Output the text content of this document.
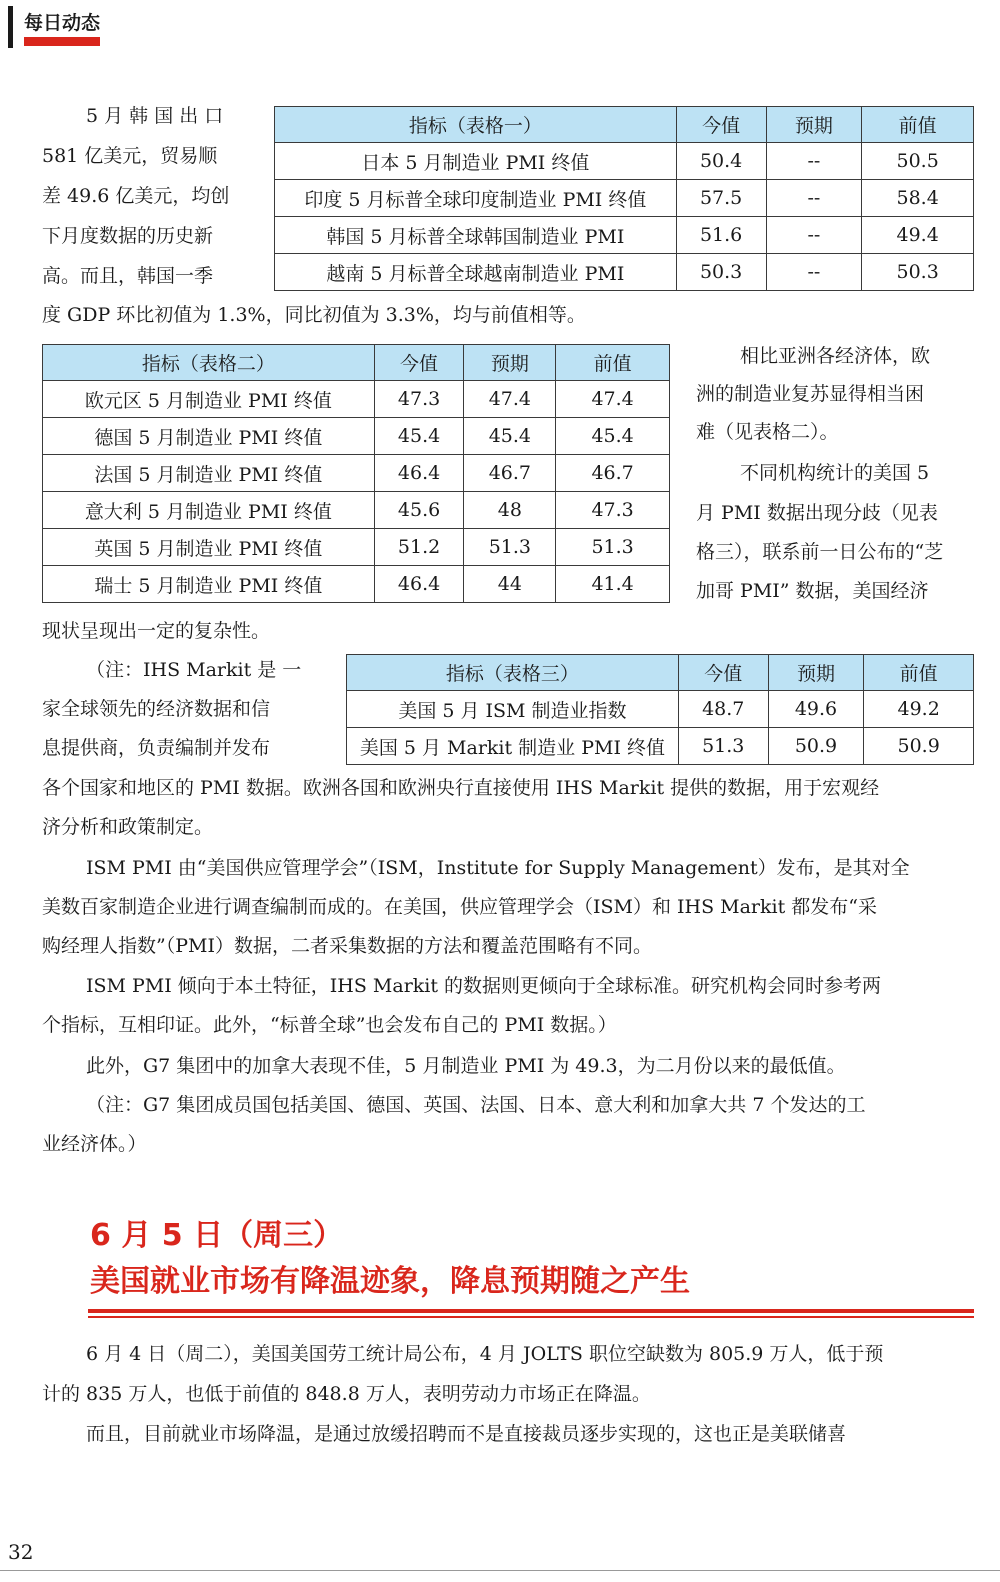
每日动态
5 月 韩 国 出 口
581 亿美元，贸易顺
差 49.6 亿美元，均创
下月度数据的历史新
高。而且，韩国一季
度 GDP 环比初值为 1.3%，同比初值为 3.3%，均与前值相等。
指标（表格一）	今值	预期	前值
日本 5 月制造业 PMI 终值	50.4	--	50.5
印度 5 月标普全球印度制造业 PMI 终值	57.5	--	58.4
韩国 5 月标普全球韩国制造业 PMI	51.6	--	49.4
越南 5 月标普全球越南制造业 PMI	50.3	--	50.3
指标（表格二）	今值	预期	前值
欧元区 5 月制造业 PMI 终值	47.3	47.4	47.4
德国 5 月制造业 PMI 终值	45.4	45.4	45.4
法国 5 月制造业 PMI 终值	46.4	46.7	46.7
意大利 5 月制造业 PMI 终值	45.6	48	47.3
英国 5 月制造业 PMI 终值	51.2	51.3	51.3
瑞士 5 月制造业 PMI 终值	46.4	44	41.4
相比亚洲各经济体，欧
洲的制造业复苏显得相当困
难（见表格二）。
不同机构统计的美国 5
月 PMI 数据出现分歧（见表
格三），联系前一日公布的“芝
加哥 PMI” 数据，美国经济
现状呈现出一定的复杂性。
指标（表格三）	今值	预期	前值
美国 5 月 ISM 制造业指数	48.7	49.6	49.2
美国 5 月 Markit 制造业 PMI 终值	51.3	50.9	50.9
（注：IHS Markit 是 一
家全球领先的经济数据和信
息提供商，负责编制并发布
各个国家和地区的 PMI 数据。欧洲各国和欧洲央行直接使用 IHS Markit 提供的数据，用于宏观经
济分析和政策制定。
ISM PMI 由“美国供应管理学会”（ISM，Institute for Supply Management）发布，是其对全
美数百家制造企业进行调查编制而成的。在美国，供应管理学会（ISM）和 IHS Markit 都发布“采
购经理人指数”（PMI）数据，二者采集数据的方法和覆盖范围略有不同。
ISM PMI 倾向于本土特征，IHS Markit 的数据则更倾向于全球标准。研究机构会同时参考两
个指标，互相印证。此外，“标普全球”也会发布自己的 PMI 数据。）
此外，G7 集团中的加拿大表现不佳，5 月制造业 PMI 为 49.3，为二月份以来的最低值。
（注：G7 集团成员国包括美国、德国、英国、法国、日本、意大利和加拿大共 7 个发达的工
业经济体。）
6 月 5 日（周三）
美国就业市场有降温迹象，降息预期随之产生
6 月 4 日（周二），美国美国劳工统计局公布，4 月 JOLTS 职位空缺数为 805.9 万人，低于预
计的 835 万人，也低于前值的 848.8 万人，表明劳动力市场正在降温。
而且，目前就业市场降温，是通过放缓招聘而不是直接裁员逐步实现的，这也正是美联储喜
32
